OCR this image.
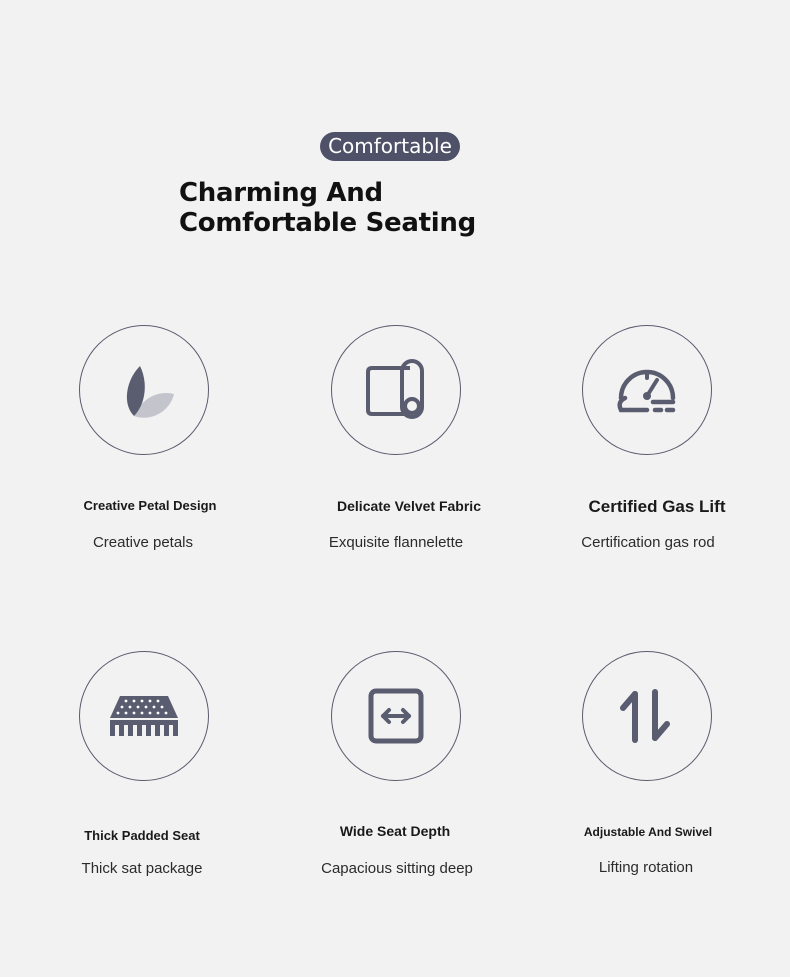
Comfortable
Charming And Comfortable Seating
Creative Petal Design
Creative petals
Delicate Velvet Fabric
Exquisite flannelette
Certified Gas Lift
Certification gas rod
Thick Padded Seat
Thick sat package
Wide Seat Depth
Capacious sitting deep
Adjustable And Swivel
Lifting rotation
